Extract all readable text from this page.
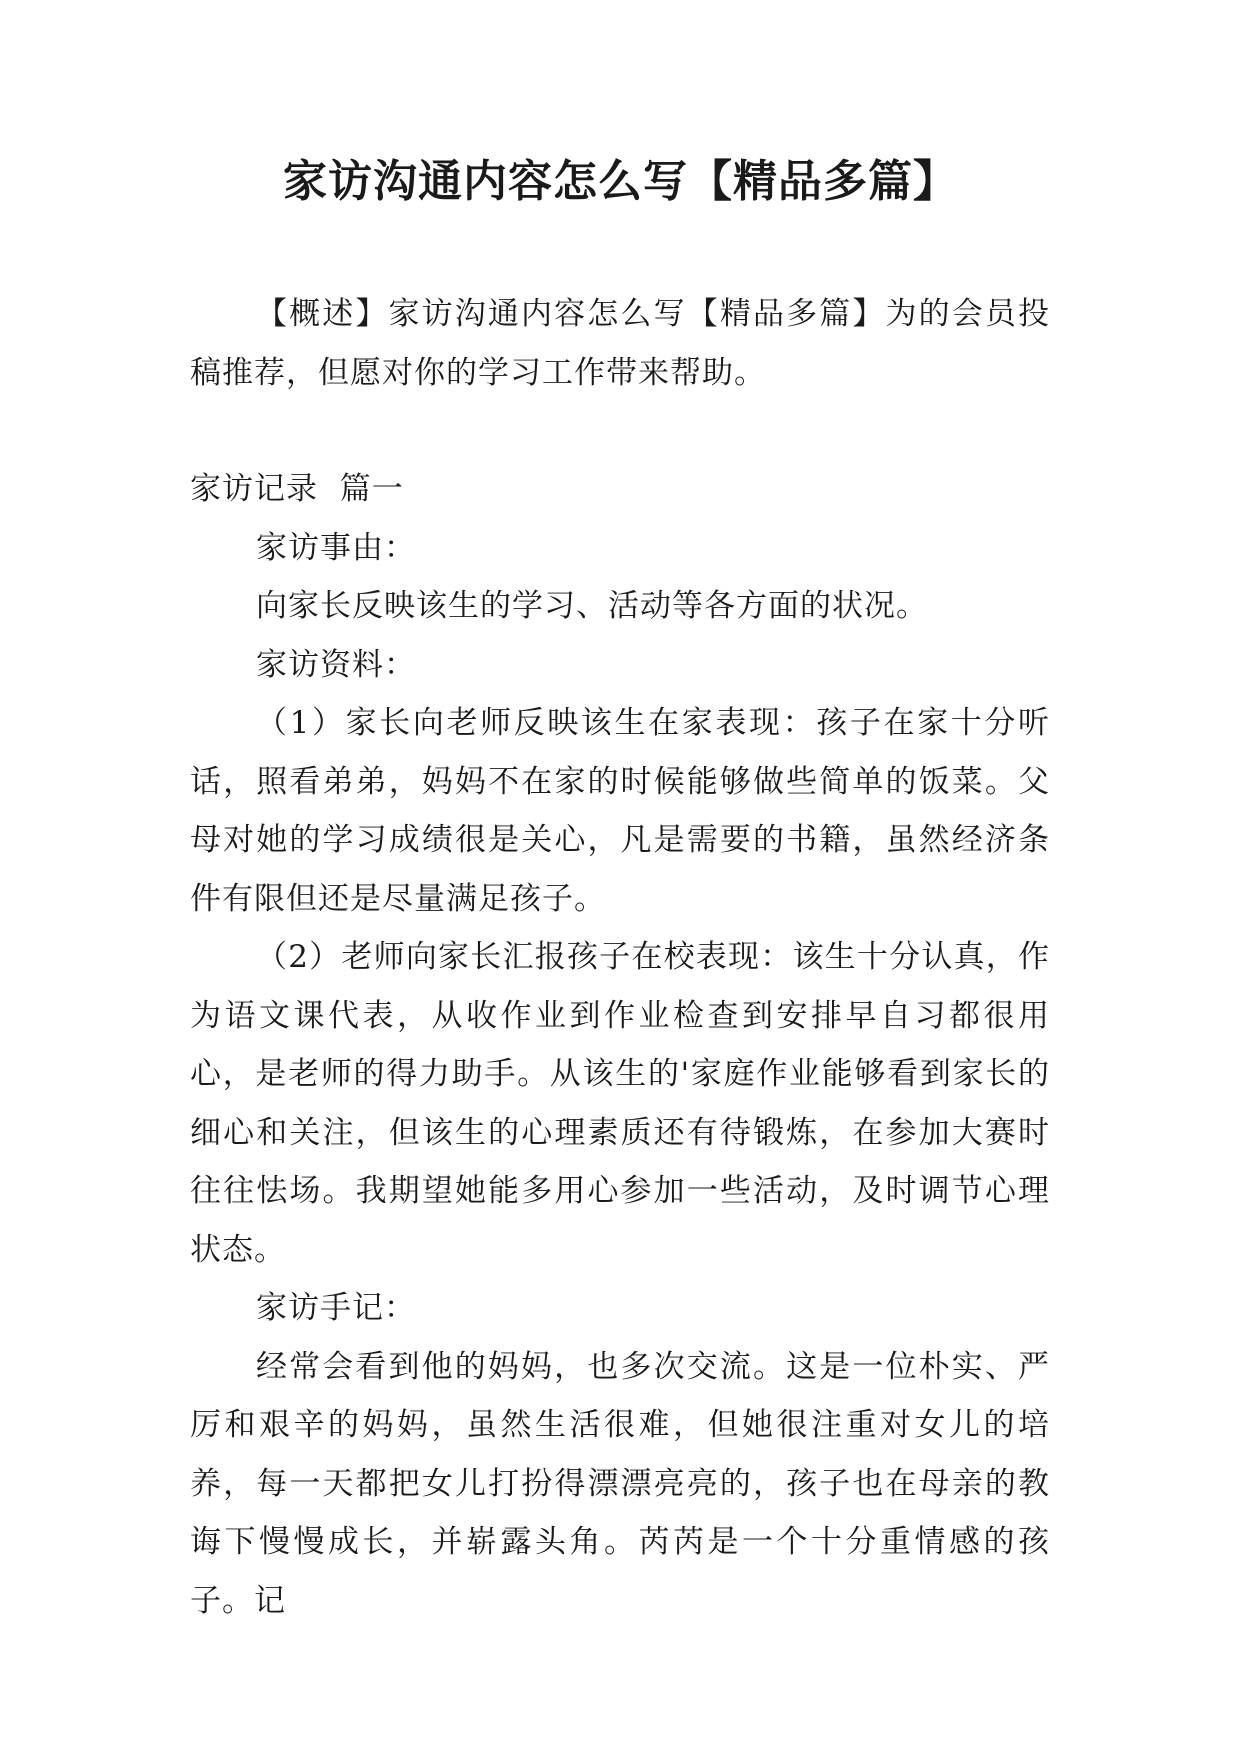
家访沟通内容怎么写【精品多篇】

【概述】家访沟通内容怎么写【精品多篇】为的会员投稿推荐，但愿对你的学习工作带来帮助。

家访记录  篇一

家访事由：

向家长反映该生的学习、活动等各方面的状况。

家访资料：

（1）家长向老师反映该生在家表现：孩子在家十分听话，照看弟弟，妈妈不在家的时候能够做些简单的饭菜。父母对她的学习成绩很是关心，凡是需要的书籍，虽然经济条件有限但还是尽量满足孩子。

（2）老师向家长汇报孩子在校表现：该生十分认真，作为语文课代表，从收作业到作业检查到安排早自习都很用心，是老师的得力助手。从该生的'家庭作业能够看到家长的细心和关注，但该生的心理素质还有待锻炼，在参加大赛时往往怯场。我期望她能多用心参加一些活动，及时调节心理状态。

家访手记：

经常会看到他的妈妈，也多次交流。这是一位朴实、严厉和艰辛的妈妈，虽然生活很难，但她很注重对女儿的培养，每一天都把女儿打扮得漂漂亮亮的，孩子也在母亲的教诲下慢慢成长，并崭露头角。芮芮是一个十分重情感的孩子。记
